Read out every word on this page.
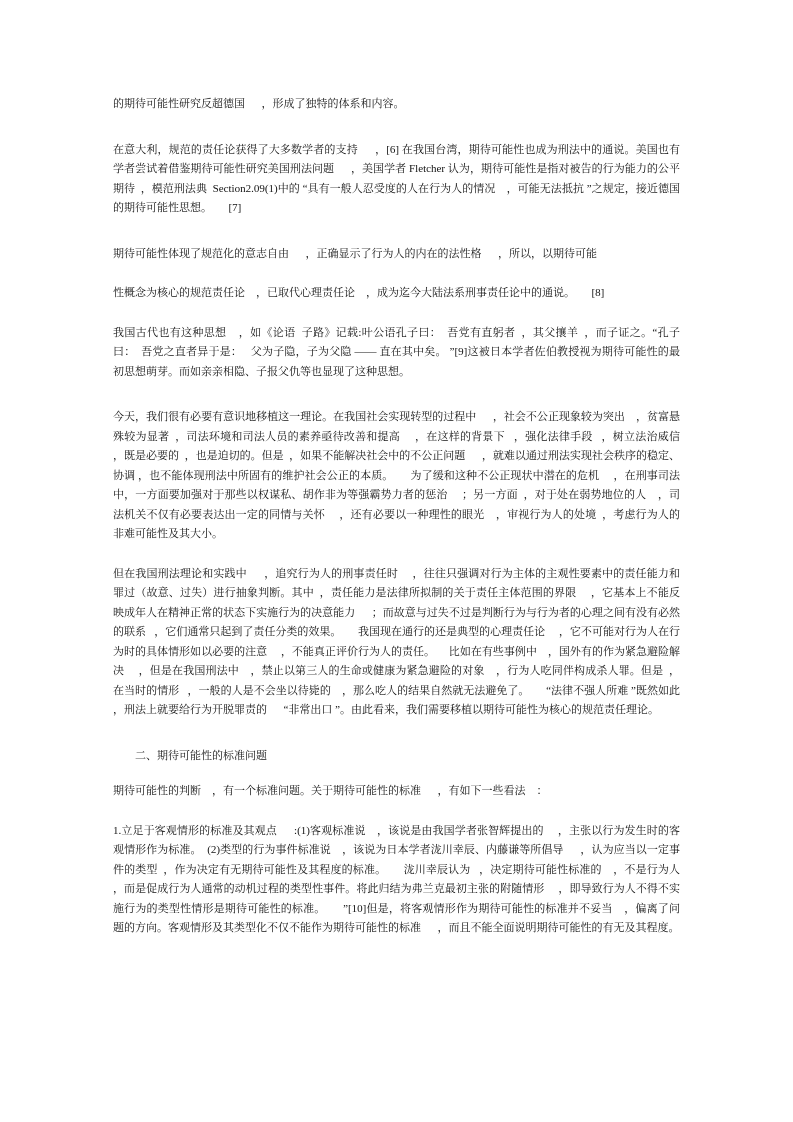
的期待可能性研究反超德国      ，形成了独特的体系和内容。

在意大利，规范的责任论获得了大多数学者的支持      ，[6] 在我国台湾，期待可能性也成为刑法中的通说。美国也有学者尝试着借鉴期待可能性研究美国刑法问题      ，美国学者 Fletcher 认为，期待可能性是指对被告的行为能力的公平期待  ，模范刑法典  Section2.09(1)中的 “具有一般人忍受度的人在行为人的情况    ，可能无法抵抗 ”之规定，接近德国的期待可能性思想。      [7]

期待可能性体现了规范化的意志自由      ，正确显示了行为人的内在的法性格      ，所以，以期待可能

性概念为核心的规范责任论    ，已取代心理责任论    ，成为迄今大陆法系刑事责任论中的通说。      [8]

我国古代也有这种思想    ，如《论语  子路》记载:叶公语孔子曰：  吾党有直躬者  ，其父攘羊  ，而子证之。“孔子曰：  吾党之直者异于是：   父为子隐，子为父隐 —— 直在其中矣。 ”[9]这被日本学者佐伯教授视为期待可能性的最初思想萌芽。而如亲亲相隐、子报父仇等也显现了这种思想。

今天，我们很有必要有意识地移植这一理论。在我国社会实现转型的过程中      ，社会不公正现象较为突出    ，贫富悬殊较为显著  ，司法环境和司法人员的素养亟待改善和提高     ，在这样的背景下   ，强化法律手段   ，树立法治威信  ，既是必要的  ，也是迫切的。但是  ，如果不能解决社会中的不公正问题      ，就难以通过刑法实现社会秩序的稳定、协调 ，也不能体现刑法中所固有的维护社会公正的本质。      为了缓和这种不公正现状中潜在的危机     ，在刑事司法中，一方面要加强对于那些以权谋私、胡作非为等强霸势力者的惩治     ；另一方面  ，对于处在弱势地位的人    ，司法机关不仅有必要表达出一定的同情与关怀     ，还有必要以一种理性的眼光    ，审视行为人的处境  ，考虑行为人的非难可能性及其大小。

但在我国刑法理论和实践中      ，追究行为人的刑事责任时     ，往往只强调对行为主体的主观性要素中的责任能力和罪过（故意、过失）进行抽象判断。其中  ，责任能力是法律所拟制的关于责任主体范围的界限     ，它基本上不能反映成年人在精神正常的状态下实施行为的决意能力      ；而故意与过失不过是判断行为与行为者的心理之间有没有必然的联系   ，它们通常只起到了责任分类的效果。      我国现在通行的还是典型的心理责任论     ，它不可能对行为人在行为时的具体情形如以必要的注意     ，不能真正评价行为人的责任。     比如在有些事例中    ，国外有的作为紧急避险解决     ，但是在我国刑法中    ，禁止以第三人的生命或健康为紧急避险的对象    ，行为人吃同伴构成杀人罪。但是  ，在当时的情形   ，一般的人是不会坐以待毙的    ，那么吃人的结果自然就无法避免了。      “法律不强人所难 ”既然如此  ，刑法上就要给行为开脱罪责的      “非常出口 ”。由此看来，我们需要移植以期待可能性为核心的规范责任理论。

二、期待可能性的标准问题

期待可能性的判断    ，有一个标准问题。关于期待可能性的标准      ，有如下一些看法    ：

1.立足于客观情形的标准及其观点      :(1)客观标准说    ，该说是由我国学者张智辉提出的     ，主张以行为发生时的客观情形作为标准。  (2)类型的行为事件标准说    ，该说为日本学者泷川幸辰、内藤谦等所倡导      ，认为应当以一定事件的类型  ，作为决定有无期待可能性及其程度的标准。      泷川幸辰认为   ，决定期待可能性标准的    ，不是行为人  ，而是促成行为人通常的动机过程的类型性事件。将此归结为弗兰克最初主张的附随情形     ，即导致行为人不得不实施行为的类型性情形是期待可能性的标准。      ”[10]但是，将客观情形作为期待可能性的标准并不妥当    ，偏离了问题的方向。客观情形及其类型化不仅不能作为期待可能性的标准      ，而且不能全面说明期待可能性的有无及其程度。
